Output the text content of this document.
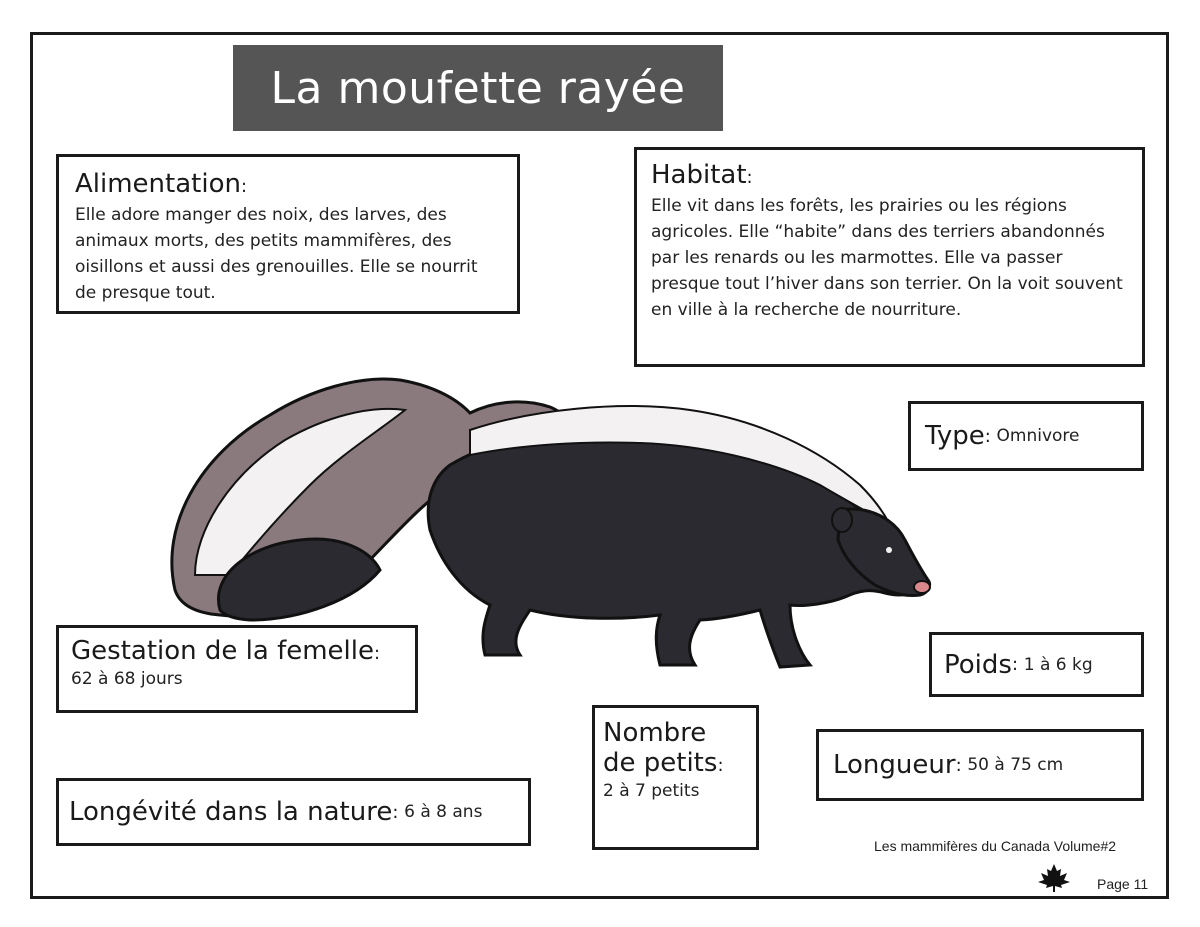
La moufette rayée
Alimentation:
Elle adore manger des noix, des larves, des animaux morts, des petits mammifères, des oisillons et aussi des grenouilles. Elle se nourrit de presque tout.
Habitat:
Elle vit dans les forêts, les prairies ou les régions agricoles. Elle “habite” dans des terriers abandonnés par les renards ou les marmottes. Elle va passer presque tout l’hiver dans son terrier. On la voit souvent en ville à la recherche de nourriture.
Type : Omnivore
Gestation de la femelle:
62 à 68 jours	Poids : 1 à 6 kg
Nombre
de petits:
2 à 7 petits
Longueur : 50 à 75 cm
Longévité dans la nature : 6 à 8 ans
Les mammifères du Canada Volume#2
Page 11
